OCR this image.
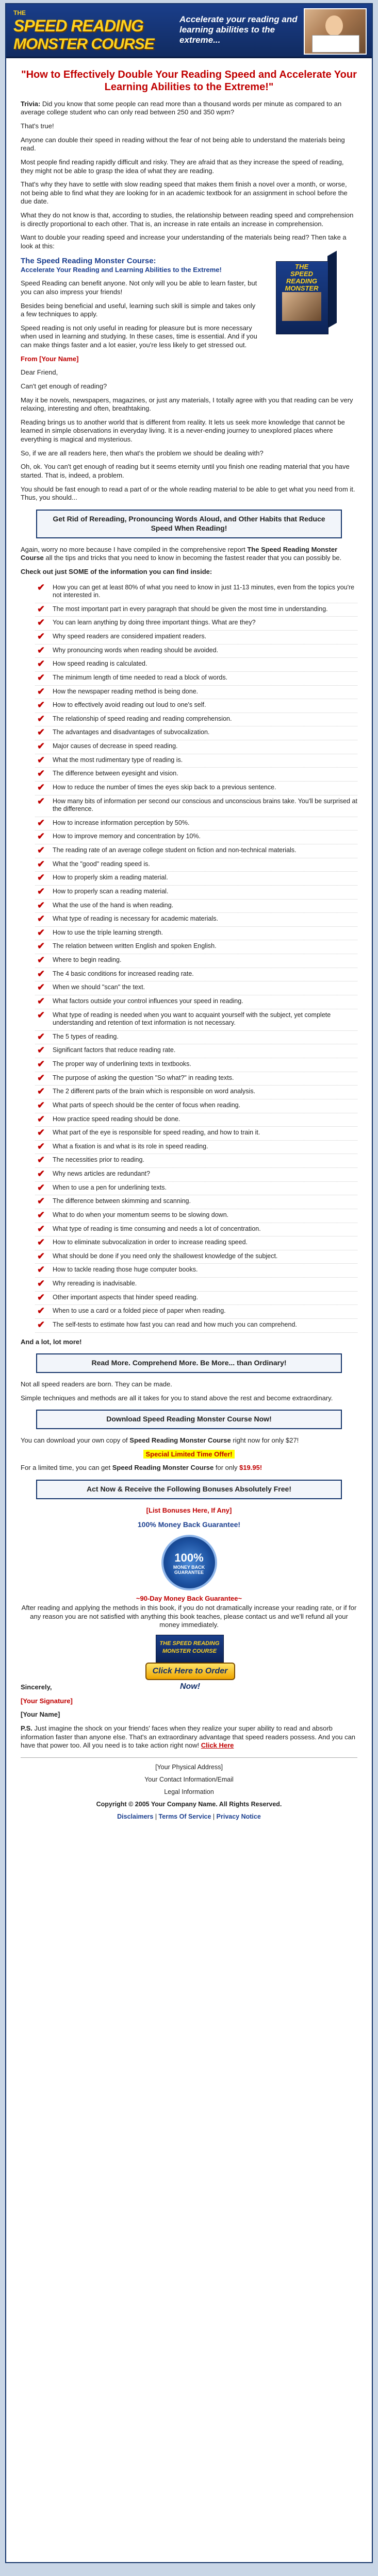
THE
SPEED READING
MONSTER COURSE
Accelerate your reading and learning abilities to the extreme...
"How to Effectively Double Your Reading Speed and Accelerate Your Learning Abilities to the Extreme!"

Trivia: Did you know that some people can read more than a thousand words per minute as compared to an average college student who can only read between 250 and 350 wpm?

That's true!

Anyone can double their speed in reading without the fear of not being able to understand the materials being read.

Most people find reading rapidly difficult and risky. They are afraid that as they increase the speed of reading, they might not be able to grasp the idea of what they are reading.

That's why they have to settle with slow reading speed that makes them finish a novel over a month, or worse, not being able to find what they are looking for in an academic textbook for an assignment in school before the due date.

What they do not know is that, according to studies, the relationship between reading speed and comprehension is directly proportional to each other. That is, an increase in rate entails an increase in comprehension.

Want to double your reading speed and increase your understanding of the materials being read? Then take a look at this:

The Speed Reading Monster Course:

Accelerate Your Reading and Learning Abilities to the Extreme!

Speed Reading can benefit anyone. Not only will you be able to learn faster, but you can also impress your friends!

Besides being beneficial and useful, learning such skill is simple and takes only a few techniques to apply.

Speed reading is not only useful in reading for pleasure but is more necessary when used in learning and studying. In these cases, time is essential. And if you can make things faster and a lot easier, you're less likely to get stressed out.

THE
SPEED READING
MONSTER

From [Your Name]

Dear Friend,

Can't get enough of reading?

May it be novels, newspapers, magazines, or just any materials, I totally agree with you that reading can be very relaxing, interesting and often, breathtaking.

Reading brings us to another world that is different from reality. It lets us seek more knowledge that cannot be learned in simple observations in everyday living. It is a never-ending journey to unexplored places where everything is magical and mysterious.

So, if we are all readers here, then what's the problem we should be dealing with?

Oh, ok. You can't get enough of reading but it seems eternity until you finish one reading material that you have started. That is, indeed, a problem.

You should be fast enough to read a part of or the whole reading material to be able to get what you need from it. Thus, you should...

Get Rid of Rereading, Pronouncing Words Aloud, and Other Habits that Reduce Speed When Reading!

Again, worry no more because I have compiled in the comprehensive report The Speed Reading Monster Course all the tips and tricks that you need to know in becoming the fastest reader that you can possibly be.

Check out just SOME of the information you can find inside:

✔ How you can get at least 80% of what you need to know in just 11-13 minutes, even from the topics you're not interested in.
✔ The most important part in every paragraph that should be given the most time in understanding.
✔ You can learn anything by doing three important things. What are they?
✔ Why speed readers are considered impatient readers.
✔ Why pronouncing words when reading should be avoided.
✔ How speed reading is calculated.
✔ The minimum length of time needed to read a block of words.
✔ How the newspaper reading method is being done.
✔ How to effectively avoid reading out loud to one's self.
✔ The relationship of speed reading and reading comprehension.
✔ The advantages and disadvantages of subvocalization.
✔ Major causes of decrease in speed reading.
✔ What the most rudimentary type of reading is.
✔ The difference between eyesight and vision.
✔ How to reduce the number of times the eyes skip back to a previous sentence.
✔ How many bits of information per second our conscious and unconscious brains take. You'll be surprised at the difference.
✔ How to increase information perception by 50%.
✔ How to improve memory and concentration by 10%.
✔ The reading rate of an average college student on fiction and non-technical materials.
✔ What the "good" reading speed is.
✔ How to properly skim a reading material.
✔ How to properly scan a reading material.
✔ What the use of the hand is when reading.
✔ What type of reading is necessary for academic materials.
✔ How to use the triple learning strength.
✔ The relation between written English and spoken English.
✔ Where to begin reading.
✔ The 4 basic conditions for increased reading rate.
✔ When we should "scan" the text.
✔ What factors outside your control influences your speed in reading.
✔ What type of reading is needed when you want to acquaint yourself with the subject, yet complete understanding and retention of text information is not necessary.
✔ The 5 types of reading.
✔ Significant factors that reduce reading rate.
✔ The proper way of underlining texts in textbooks.
✔ The purpose of asking the question "So what?" in reading texts.
✔ The 2 different parts of the brain which is responsible on word analysis.
✔ What parts of speech should be the center of focus when reading.
✔ How practice speed reading should be done.
✔ What part of the eye is responsible for speed reading, and how to train it.
✔ What a fixation is and what is its role in speed reading.
✔ The necessities prior to reading.
✔ Why news articles are redundant?
✔ When to use a pen for underlining texts.
✔ The difference between skimming and scanning.
✔ What to do when your momentum seems to be slowing down.
✔ What type of reading is time consuming and needs a lot of concentration.
✔ How to eliminate subvocalization in order to increase reading speed.
✔ What should be done if you need only the shallowest knowledge of the subject.
✔ How to tackle reading those huge computer books.
✔ Why rereading is inadvisable.
✔ Other important aspects that hinder speed reading.
✔ When to use a card or a folded piece of paper when reading.
✔ The self-tests to estimate how fast you can read and how much you can comprehend.

And a lot, lot more!

Read More. Comprehend More. Be More... than Ordinary!

Not all speed readers are born. They can be made.

Simple techniques and methods are all it takes for you to stand above the rest and become extraordinary.

Download Speed Reading Monster Course Now!

You can download your own copy of Speed Reading Monster Course right now for only $27!

Special Limited Time Offer!

For a limited time, you can get Speed Reading Monster Course for only $19.95!

Act Now & Receive the Following Bonuses Absolutely Free!

[List Bonuses Here, If Any]

100% Money Back Guarantee!

100%
MONEY BACK GUARANTEE

~90-Day Money Back Guarantee~

After reading and applying the methods in this book, if you do not dramatically increase your reading rate, or if for any reason you are not satisfied with anything this book teaches, please contact us and we'll refund all your money immediately.

THE SPEED READING
MONSTER COURSE
Click Here to Order Now!

Sincerely,

[Your Signature]

[Your Name]

P.S. Just imagine the shock on your friends' faces when they realize your super ability to read and absorb information faster than anyone else. That's an extraordinary advantage that speed readers possess. And you can have that power too. All you need is to take action right now! Click Here

[Your Physical Address]

Your Contact Information/Email

Legal Information

Copyright © 2005 Your Company Name. All Rights Reserved.

Disclaimers | Terms Of Service | Privacy Notice
